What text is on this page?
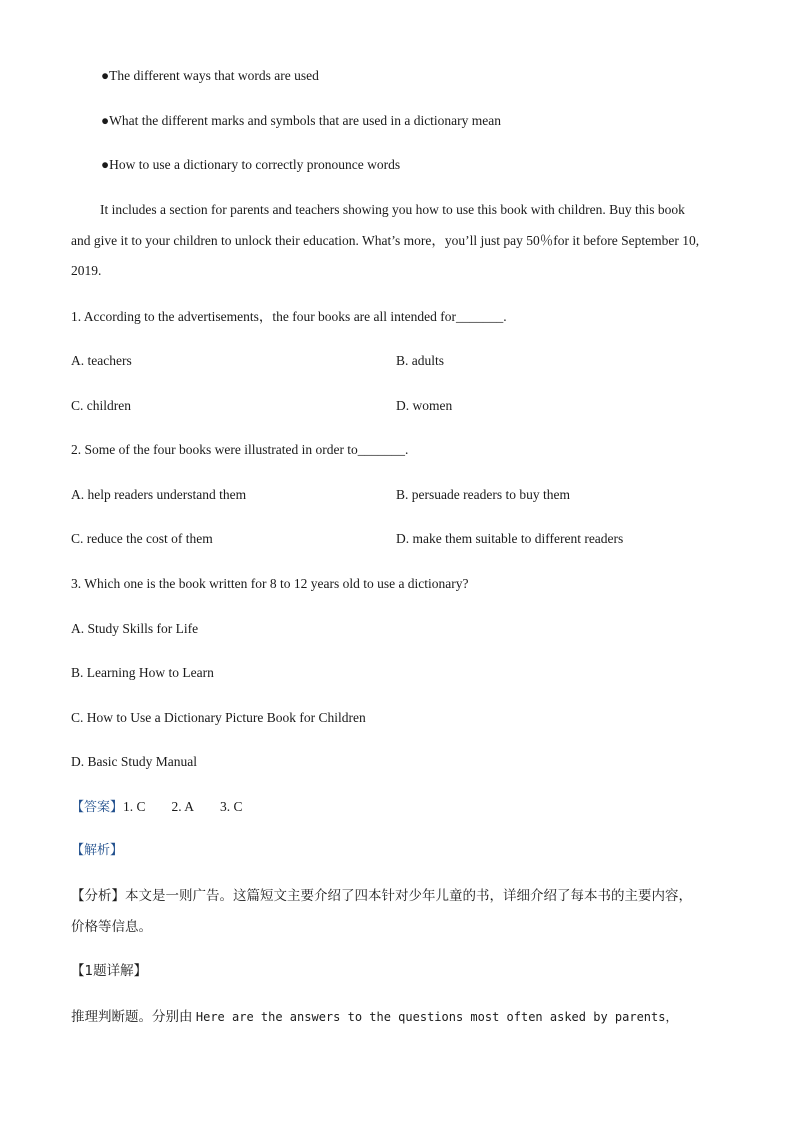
●The different ways that words are used
●What the different marks and symbols that are used in a dictionary mean
●How to use a dictionary to correctly pronounce words
It includes a section for parents and teachers showing you how to use this book with children. Buy this book
and give it to your children to unlock their education. What’s more，you’ll just pay 50％for it before September 10,
2019.
1. According to the advertisements，the four books are all intended for_______.
A. teachers	B. adults
C. children	D. women
2. Some of the four books were illustrated in order to_______.
A. help readers understand them	B. persuade readers to buy them
C. reduce the cost of them	D. make them suitable to different readers
3. Which one is the book written for 8 to 12 years old to use a dictionary?
A. Study Skills for Life
B. Learning How to Learn
C. How to Use a Dictionary Picture Book for Children
D. Basic Study Manual
【答案】1. C 2. A 3. C
【解析】
【分析】本文是一则广告。这篇短文主要介绍了四本针对少年儿童的书，详细介绍了每本书的主要内容，
价格等信息。
【1题详解】
推理判断题。分别由 Here are the answers to the questions most often asked by parents，
